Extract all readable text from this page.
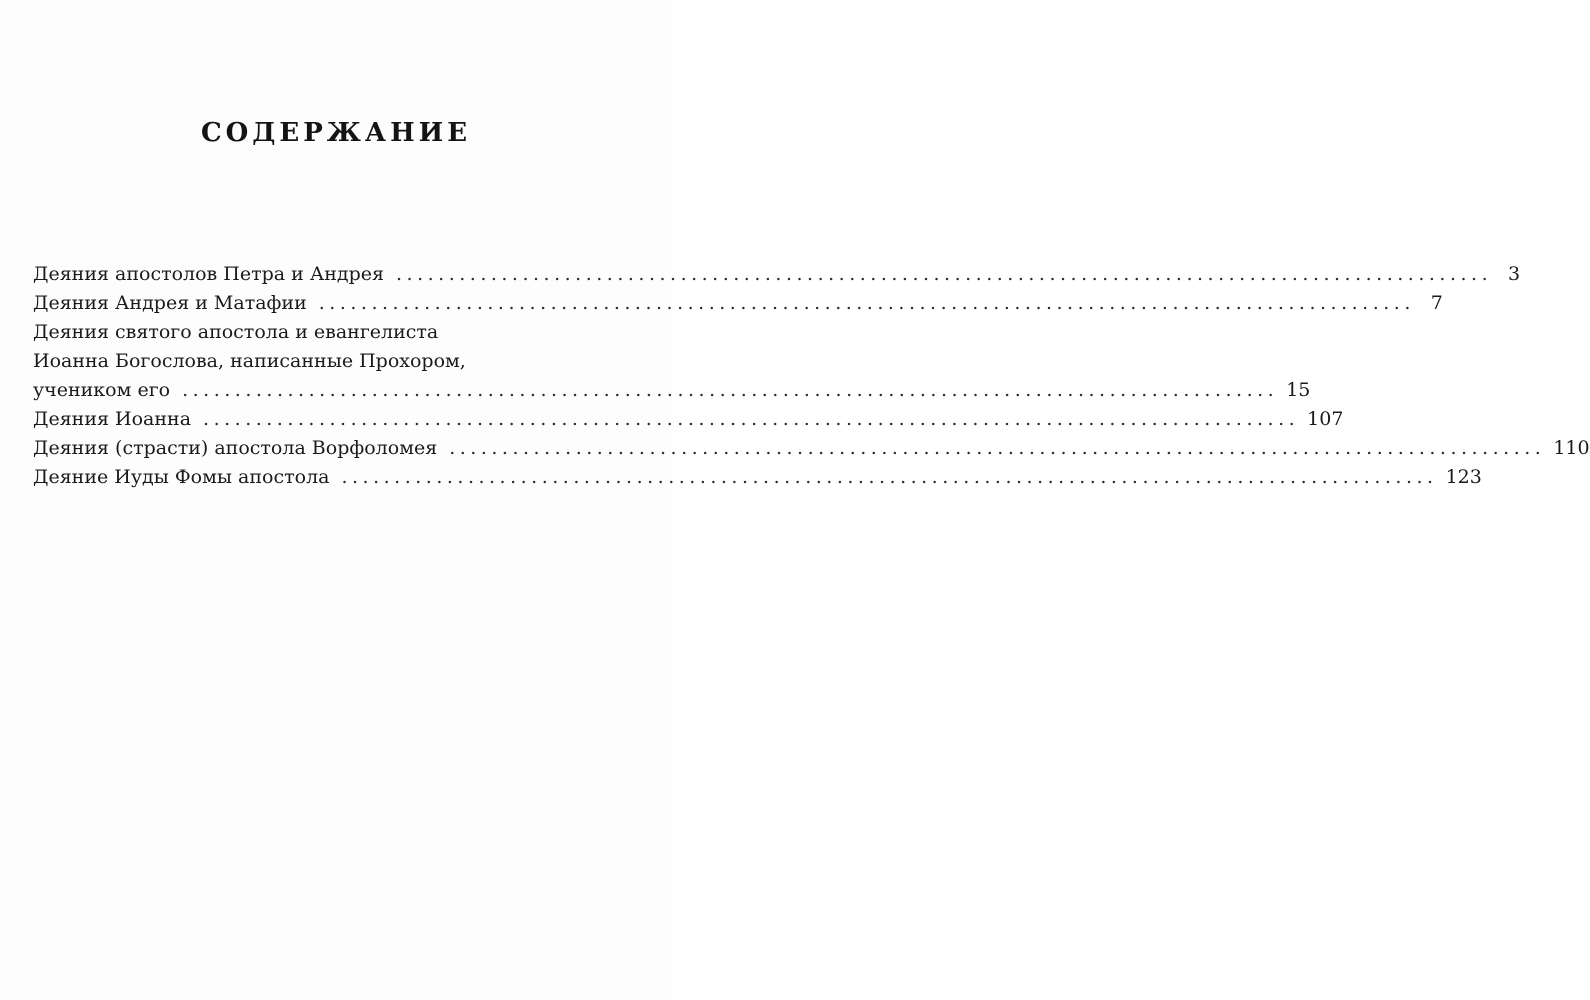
СОДЕРЖАНИЕ
Деяния апостолов Петра и Андрея ........................................................................................................ 3
Деяния Андрея и Матафии ........................................................................................................ 7
Деяния святого апостола и евангелиста
Иоанна Богослова, написанные Прохором,
учеником его ........................................................................................................ 15
Деяния Иоанна ........................................................................................................ 107
Деяния (страсти) апостола Ворфоломея ........................................................................................................ 110
Деяние Иуды Фомы апостола ........................................................................................................ 123
